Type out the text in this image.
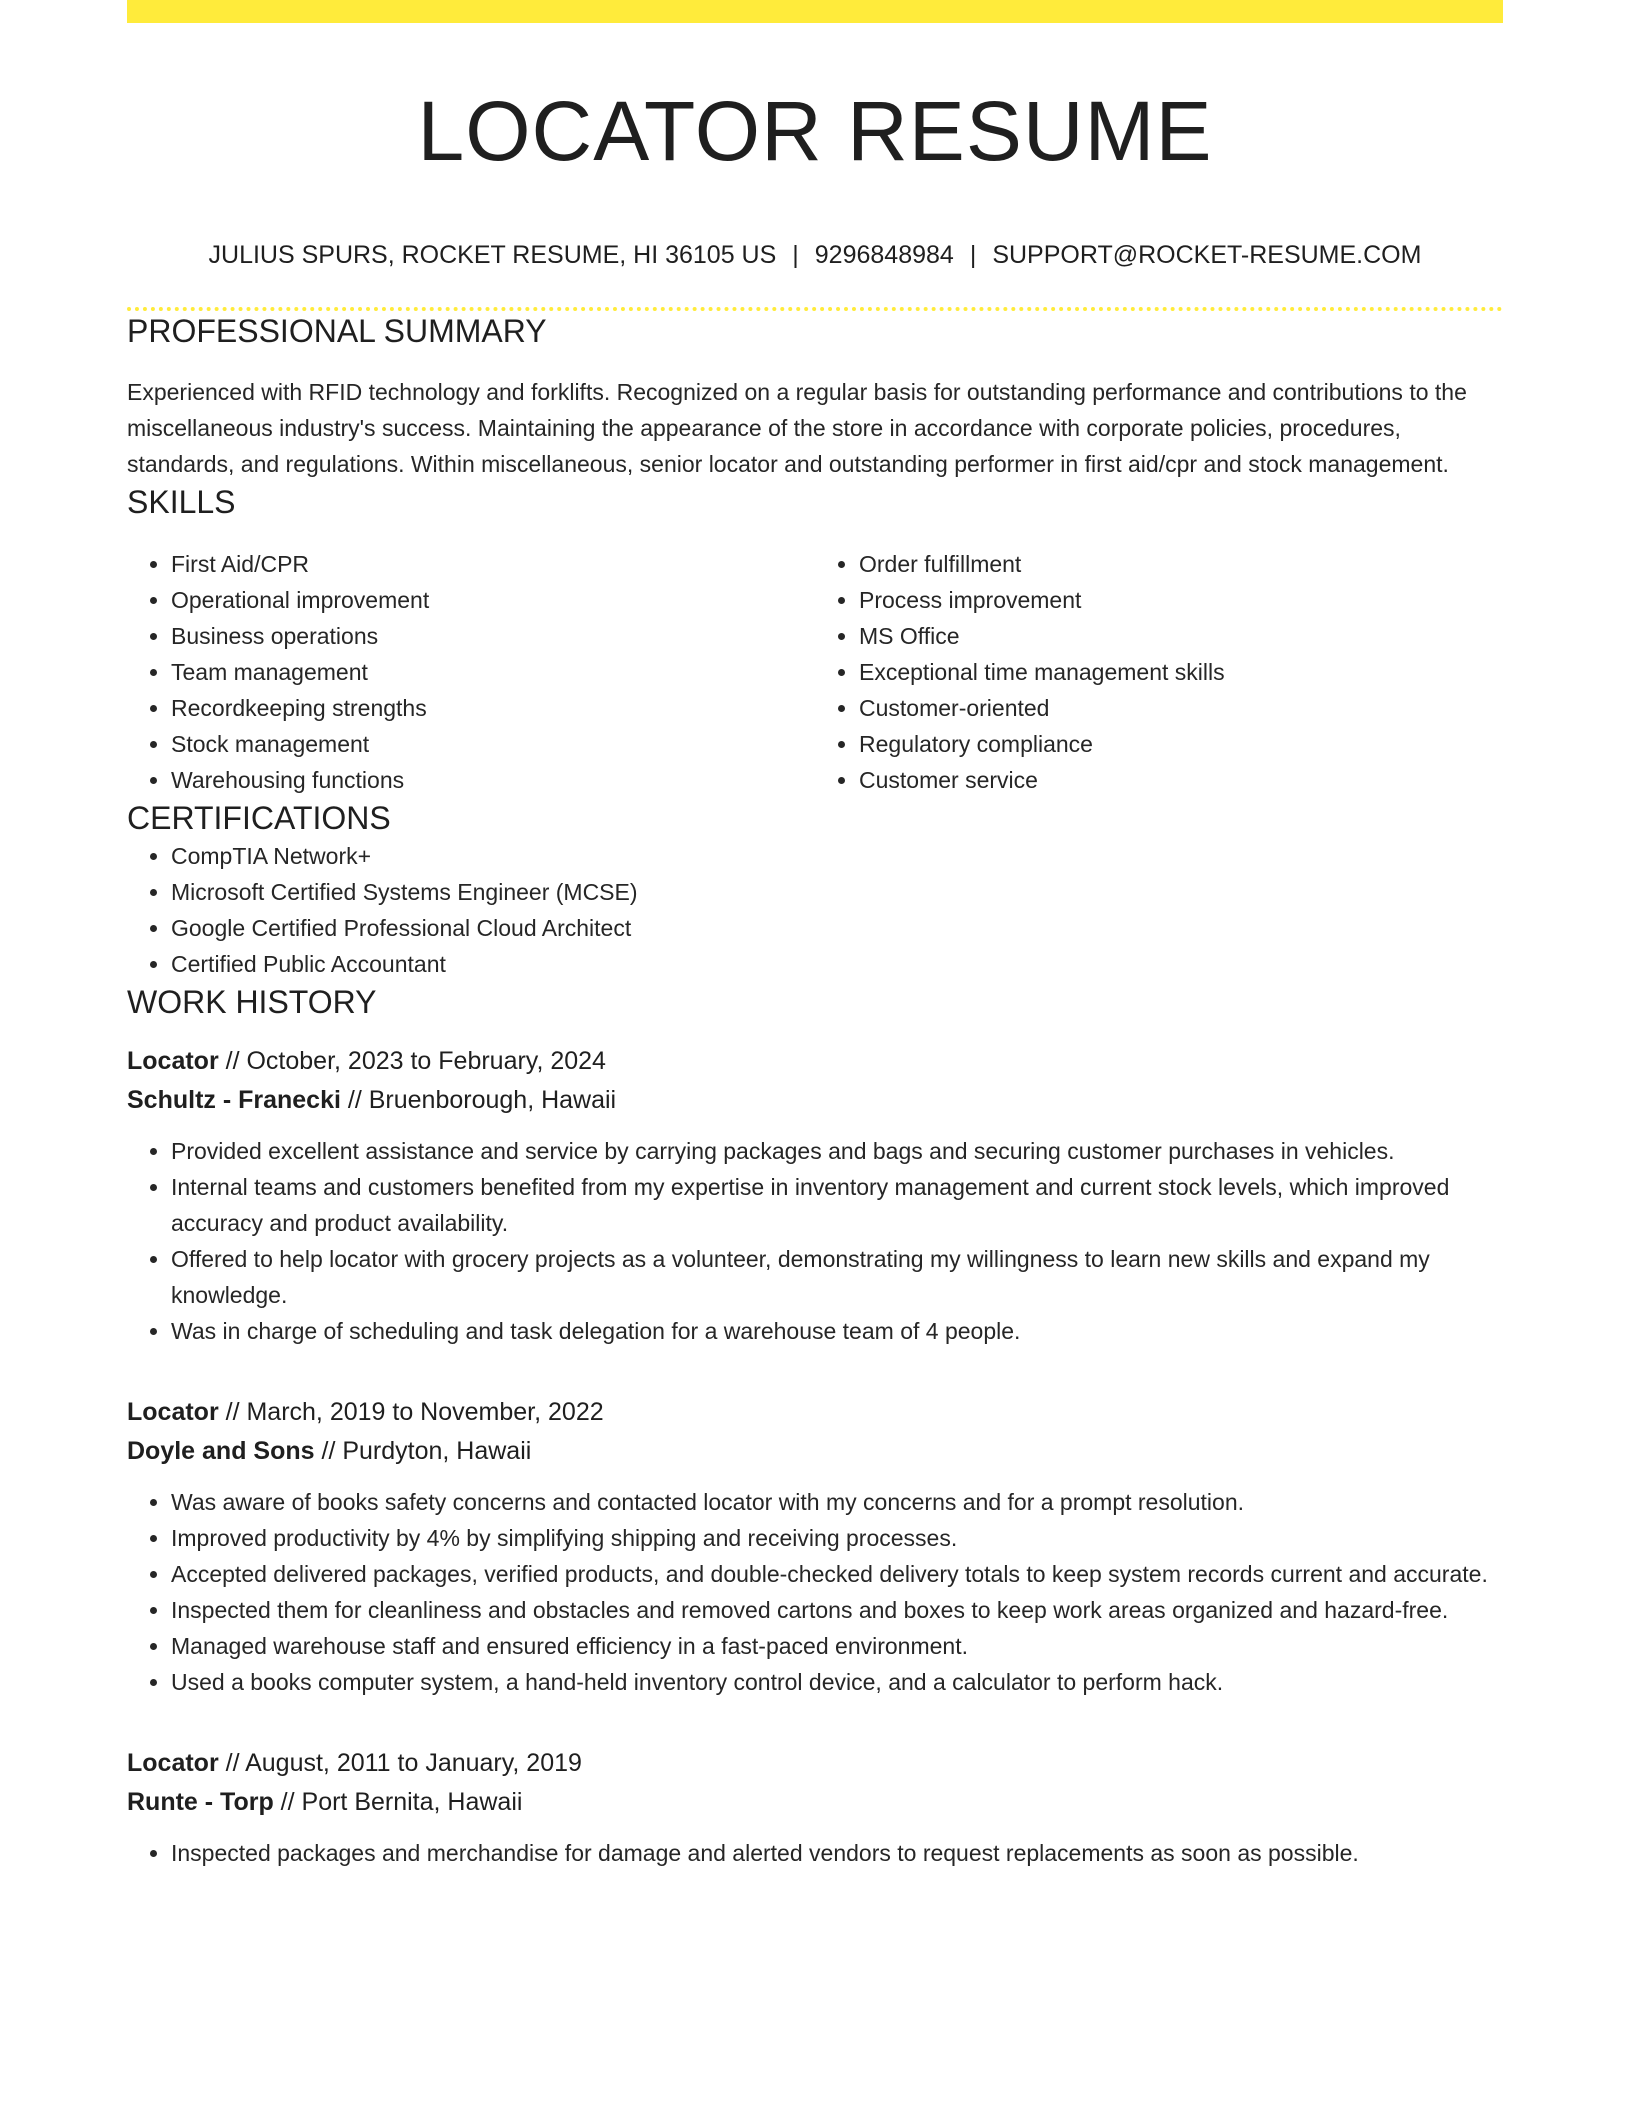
LOCATOR RESUME
JULIUS SPURS, ROCKET RESUME, HI 36105 US | 9296848984 | SUPPORT@ROCKET-RESUME.COM
PROFESSIONAL SUMMARY

Experienced with RFID technology and forklifts. Recognized on a regular basis for outstanding performance and contributions to the miscellaneous industry's success. Maintaining the appearance of the store in accordance with corporate policies, procedures, standards, and regulations. Within miscellaneous, senior locator and outstanding performer in first aid/cpr and stock management.

SKILLS
• First Aid/CPR
• Operational improvement
• Business operations
• Team management
• Recordkeeping strengths
• Stock management
• Warehousing functions
• Order fulfillment
• Process improvement
• MS Office
• Exceptional time management skills
• Customer-oriented
• Regulatory compliance
• Customer service
CERTIFICATIONS
• CompTIA Network+
• Microsoft Certified Systems Engineer (MCSE)
• Google Certified Professional Cloud Architect
• Certified Public Accountant
WORK HISTORY
Locator // October, 2023 to February, 2024
Schultz - Franecki // Bruenborough, Hawaii
• Provided excellent assistance and service by carrying packages and bags and securing customer purchases in vehicles.
• Internal teams and customers benefited from my expertise in inventory management and current stock levels, which improved accuracy and product availability.
• Offered to help locator with grocery projects as a volunteer, demonstrating my willingness to learn new skills and expand my knowledge.
• Was in charge of scheduling and task delegation for a warehouse team of 4 people.
Locator // March, 2019 to November, 2022
Doyle and Sons // Purdyton, Hawaii
• Was aware of books safety concerns and contacted locator with my concerns and for a prompt resolution.
• Improved productivity by 4% by simplifying shipping and receiving processes.
• Accepted delivered packages, verified products, and double-checked delivery totals to keep system records current and accurate.
• Inspected them for cleanliness and obstacles and removed cartons and boxes to keep work areas organized and hazard-free.
• Managed warehouse staff and ensured efficiency in a fast-paced environment.
• Used a books computer system, a hand-held inventory control device, and a calculator to perform hack.
Locator // August, 2011 to January, 2019
Runte - Torp // Port Bernita, Hawaii
• Inspected packages and merchandise for damage and alerted vendors to request replacements as soon as possible.
